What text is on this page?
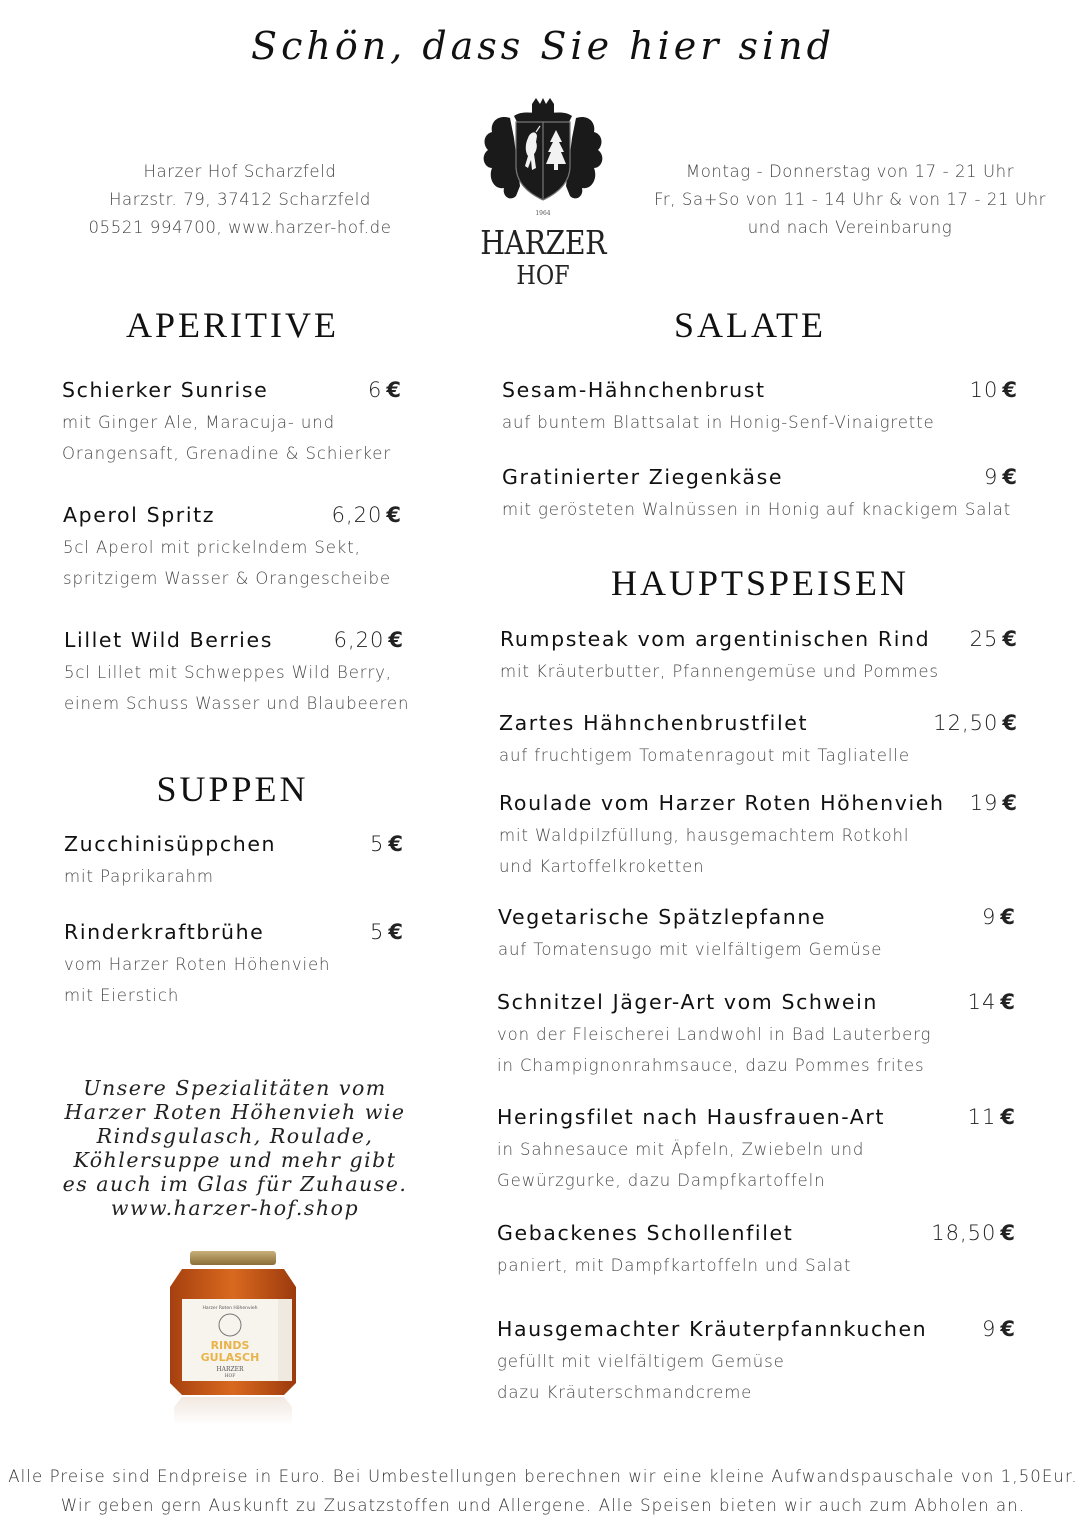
Schön, dass Sie hier sind
Harzer Hof Scharzfeld
Harzstr. 79, 37412 Scharzfeld
05521 994700, www.harzer-hof.de
1964
HARZER
HOF
Montag - Donnerstag von 17 - 21 Uhr
Fr, Sa+So von 11 - 14 Uhr & von 17 - 21 Uhr
und nach Vereinbarung
APERITIVE
Schierker Sunrise	6 €
mit Ginger Ale, Maracuja- und
Orangensaft, Grenadine & Schierker
Aperol Spritz	6,20 €
5cl Aperol mit prickelndem Sekt,
spritzigem Wasser & Orangescheibe
Lillet Wild Berries	6,20 €
5cl Lillet mit Schweppes Wild Berry,
einem Schuss Wasser und Blaubeeren
SUPPEN
Zucchinisüppchen	5 €
mit Paprikarahm
Rinderkraftbrühe	5 €
vom Harzer Roten Höhenvieh
mit Eierstich
Unsere Spezialitäten vom
Harzer Roten Höhenvieh wie
Rindsgulasch, Roulade,
Köhlersuppe und mehr gibt
es auch im Glas für Zuhause.
www.harzer-hof.shop
Harzer Roten Höhenvieh
RINDS
GULASCH
HARZER
HOF
SALATE
Sesam-Hähnchenbrust	10 €
auf buntem Blattsalat in Honig-Senf-Vinaigrette
Gratinierter Ziegenkäse	9 €
mit gerösteten Walnüssen in Honig auf knackigem Salat
HAUPTSPEISEN
Rumpsteak vom argentinischen Rind 25 €
mit Kräuterbutter, Pfannengemüse und Pommes
Zartes Hähnchenbrustfilet	12,50 €
auf fruchtigem Tomatenragout mit Tagliatelle
Roulade vom Harzer Roten Höhenvieh 19 €
mit Waldpilzfüllung, hausgemachtem Rotkohl
und Kartoffelkroketten
Vegetarische Spätzlepfanne	9 €
auf Tomatensugo mit vielfältigem Gemüse
Schnitzel Jäger-Art vom Schwein	14 €
von der Fleischerei Landwohl in Bad Lauterberg
in Champignonrahmsauce, dazu Pommes frites
Heringsfilet nach Hausfrauen-Art	11 €
in Sahnesauce mit Äpfeln, Zwiebeln und
Gewürzgurke, dazu Dampfkartoffeln
Gebackenes Schollenfilet	18,50 €
paniert, mit Dampfkartoffeln und Salat
Hausgemachter Kräuterpfannkuchen	9 €
gefüllt mit vielfältigem Gemüse
dazu Kräuterschmandcreme
Alle Preise sind Endpreise in Euro. Bei Umbestellungen berechnen wir eine kleine Aufwandspauschale von 1,50Eur.
Wir geben gern Auskunft zu Zusatzstoffen und Allergene. Alle Speisen bieten wir auch zum Abholen an.
